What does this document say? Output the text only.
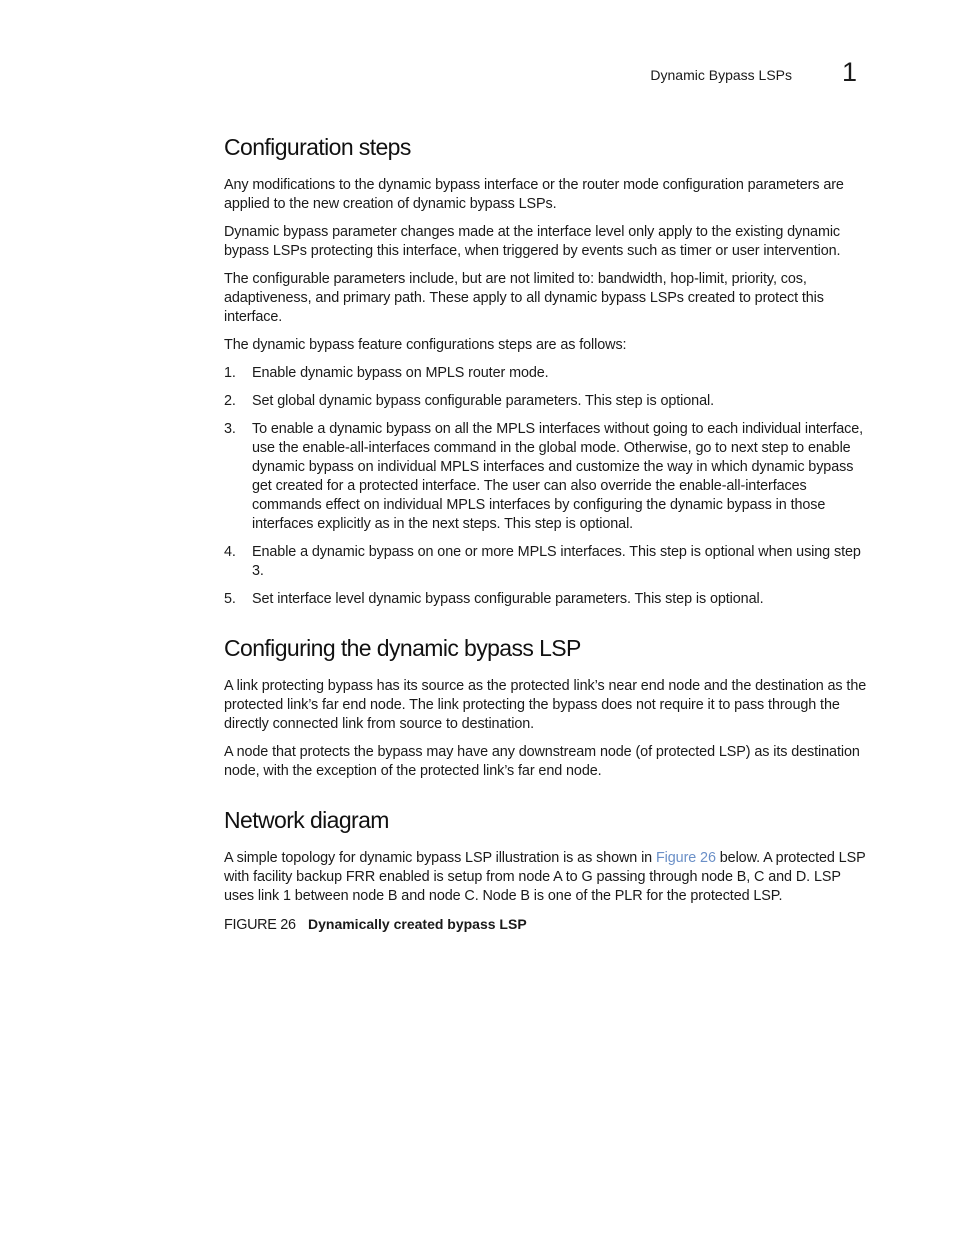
Dynamic Bypass LSPs 1
Configuration steps

Any modifications to the dynamic bypass interface or the router mode configuration parameters are applied to the new creation of dynamic bypass LSPs.

Dynamic bypass parameter changes made at the interface level only apply to the existing dynamic bypass LSPs protecting this interface, when triggered by events such as timer or user intervention.

The configurable parameters include, but are not limited to: bandwidth, hop-limit, priority, cos, adaptiveness, and primary path. These apply to all dynamic bypass LSPs created to protect this interface.

The dynamic bypass feature configurations steps are as follows:

1. Enable dynamic bypass on MPLS router mode.
2. Set global dynamic bypass configurable parameters. This step is optional.
3. To enable a dynamic bypass on all the MPLS interfaces without going to each individual interface, use the enable-all-interfaces command in the global mode. Otherwise, go to next step to enable dynamic bypass on individual MPLS interfaces and customize the way in which dynamic bypass get created for a protected interface. The user can also override the enable-all-interfaces commands effect on individual MPLS interfaces by configuring the dynamic bypass in those interfaces explicitly as in the next steps. This step is optional.
4. Enable a dynamic bypass on one or more MPLS interfaces. This step is optional when using step 3.
5. Set interface level dynamic bypass configurable parameters. This step is optional.
Configuring the dynamic bypass LSP

A link protecting bypass has its source as the protected link’s near end node and the destination as the protected link’s far end node. The link protecting the bypass does not require it to pass through the directly connected link from source to destination.

A node that protects the bypass may have any downstream node (of protected LSP) as its destination node, with the exception of the protected link’s far end node.

Network diagram

A simple topology for dynamic bypass LSP illustration is as shown in Figure 26 below. A protected LSP with facility backup FRR enabled is setup from node A to G passing through node B, C and D. LSP uses link 1 between node B and node C. Node B is one of the PLR for the protected LSP.

FIGURE 26 Dynamically created bypass LSP
